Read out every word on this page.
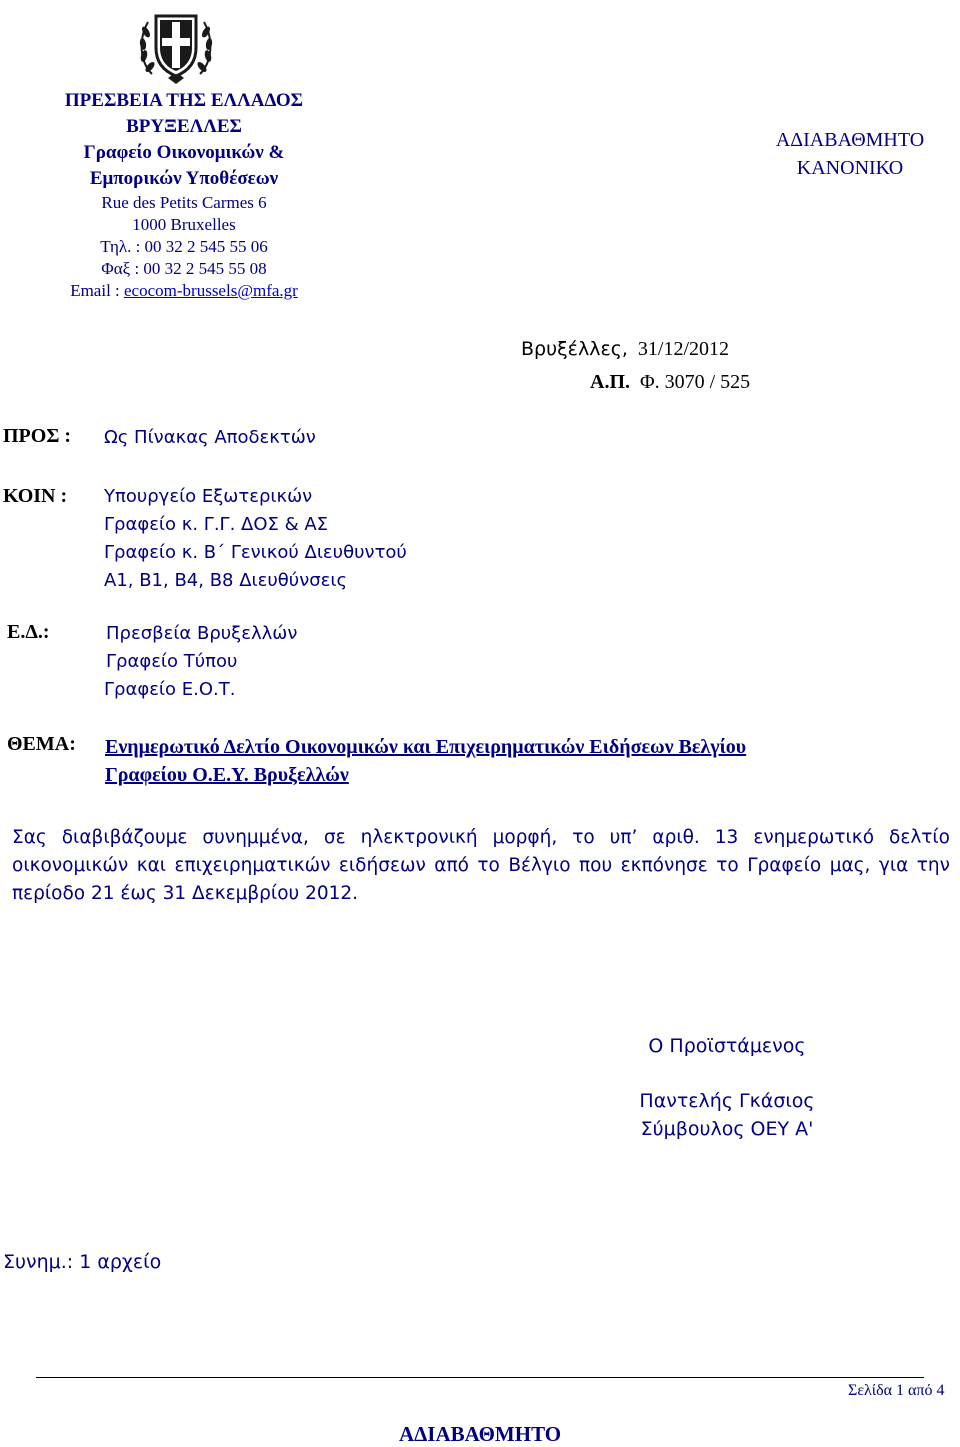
ΠΡΕΣΒΕΙΑ ΤΗΣ ΕΛΛΑΔΟΣ
ΒΡΥΞΕΛΛΕΣ
Γραφείο Οικονομικών &
Εμπορικών Υποθέσεων
Rue des Petits Carmes 6
1000 Bruxelles
Τηλ. : 00 32 2 545 55 06
Φαξ : 00 32 2 545 55 08
Email : ecocom-brussels@mfa.gr
ΑΔΙΑΒΑΘΜΗΤΟ
ΚΑΝΟΝΙΚΟ
Βρυξέλλες, 31/12/2012
Α.Π. Φ. 3070 / 525
ΠΡΟΣ : Ως Πίνακας Αποδεκτών
ΚΟΙΝ : Υπουργείο Εξωτερικών
Γραφείο κ. Γ.Γ. ΔΟΣ & ΑΣ
Γραφείο κ. Β΄ Γενικού Διευθυντού
Α1, Β1, Β4, Β8 Διευθύνσεις
Ε.Δ.:	Πρεσβεία Βρυξελλών
Γραφείο Τύπου
Γραφείο Ε.Ο.Τ.
ΘΕΜΑ: Ενημερωτικό Δελτίο Οικονομικών και Επιχειρηματικών Ειδήσεων Βελγίου
Γραφείου Ο.Ε.Υ. Βρυξελλών
Σας διαβιβάζουμε συνημμένα, σε ηλεκτρονική μορφή, το υπ’ αριθ. 13 ενημερωτικό δελτίο οικονομικών και επιχειρηματικών ειδήσεων από το Βέλγιο που εκπόνησε το Γραφείο μας, για την περίοδο 21 έως 31 Δεκεμβρίου 2012.
Ο Προϊστάμενος
Παντελής Γκάσιος
Σύμβουλος ΟΕΥ Α'
Συνημ.: 1 αρχείο
Σελίδα 1 από 4
ΑΔΙΑΒΑΘΜΗΤΟ
